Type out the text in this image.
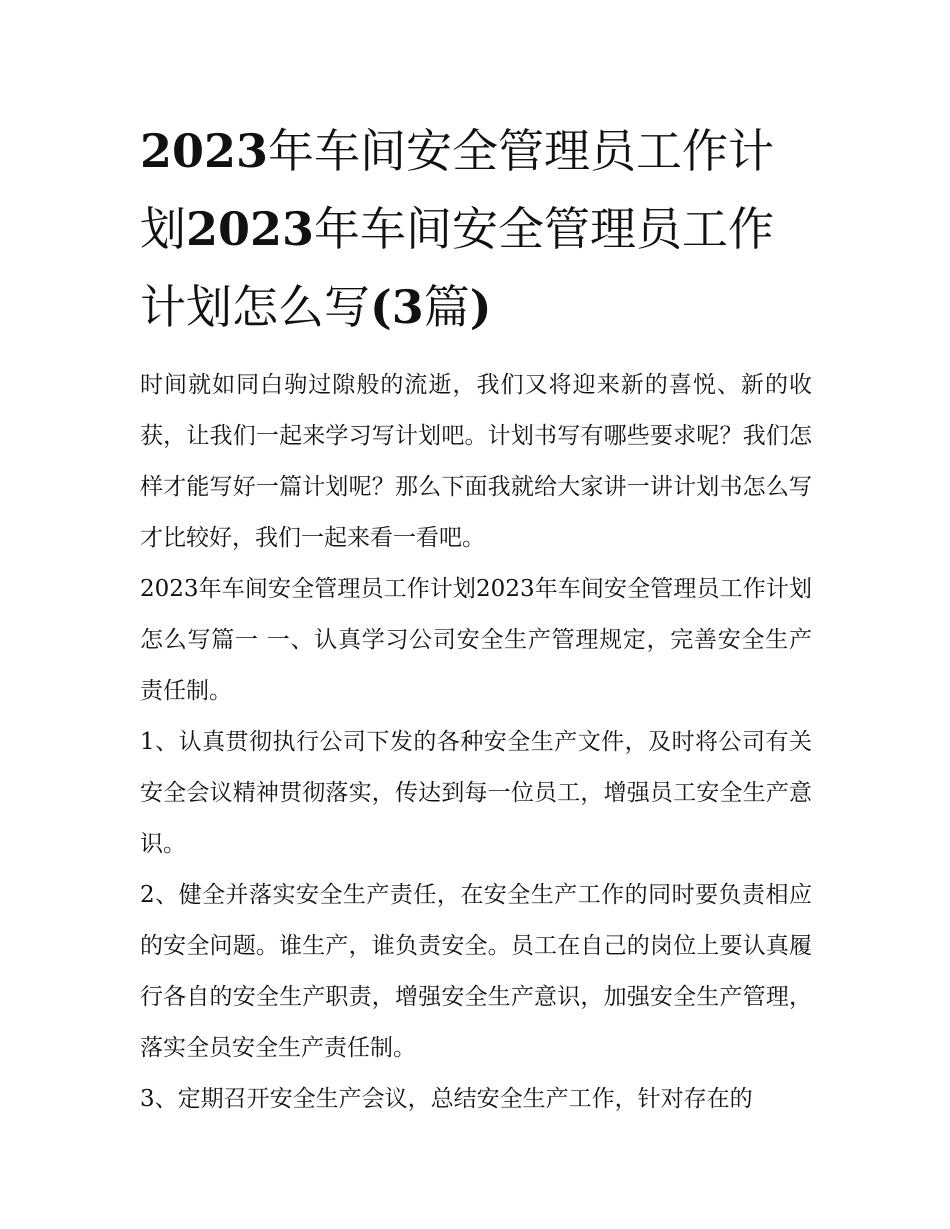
2023年车间安全管理员工作计划2023年车间安全管理员工作计划怎么写(3篇)

时间就如同白驹过隙般的流逝，我们又将迎来新的喜悦、新的收获，让我们一起来学习写计划吧。计划书写有哪些要求呢？我们怎样才能写好一篇计划呢？那么下面我就给大家讲一讲计划书怎么写才比较好，我们一起来看一看吧。

2023年车间安全管理员工作计划2023年车间安全管理员工作计划怎么写篇一 一、认真学习公司安全生产管理规定，完善安全生产责任制。

1、认真贯彻执行公司下发的各种安全生产文件，及时将公司有关安全会议精神贯彻落实，传达到每一位员工，增强员工安全生产意识。

2、健全并落实安全生产责任，在安全生产工作的同时要负责相应的安全问题。谁生产，谁负责安全。员工在自己的岗位上要认真履行各自的安全生产职责，增强安全生产意识，加强安全生产管理，落实全员安全生产责任制。

3、定期召开安全生产会议，总结安全生产工作，针对存在的
